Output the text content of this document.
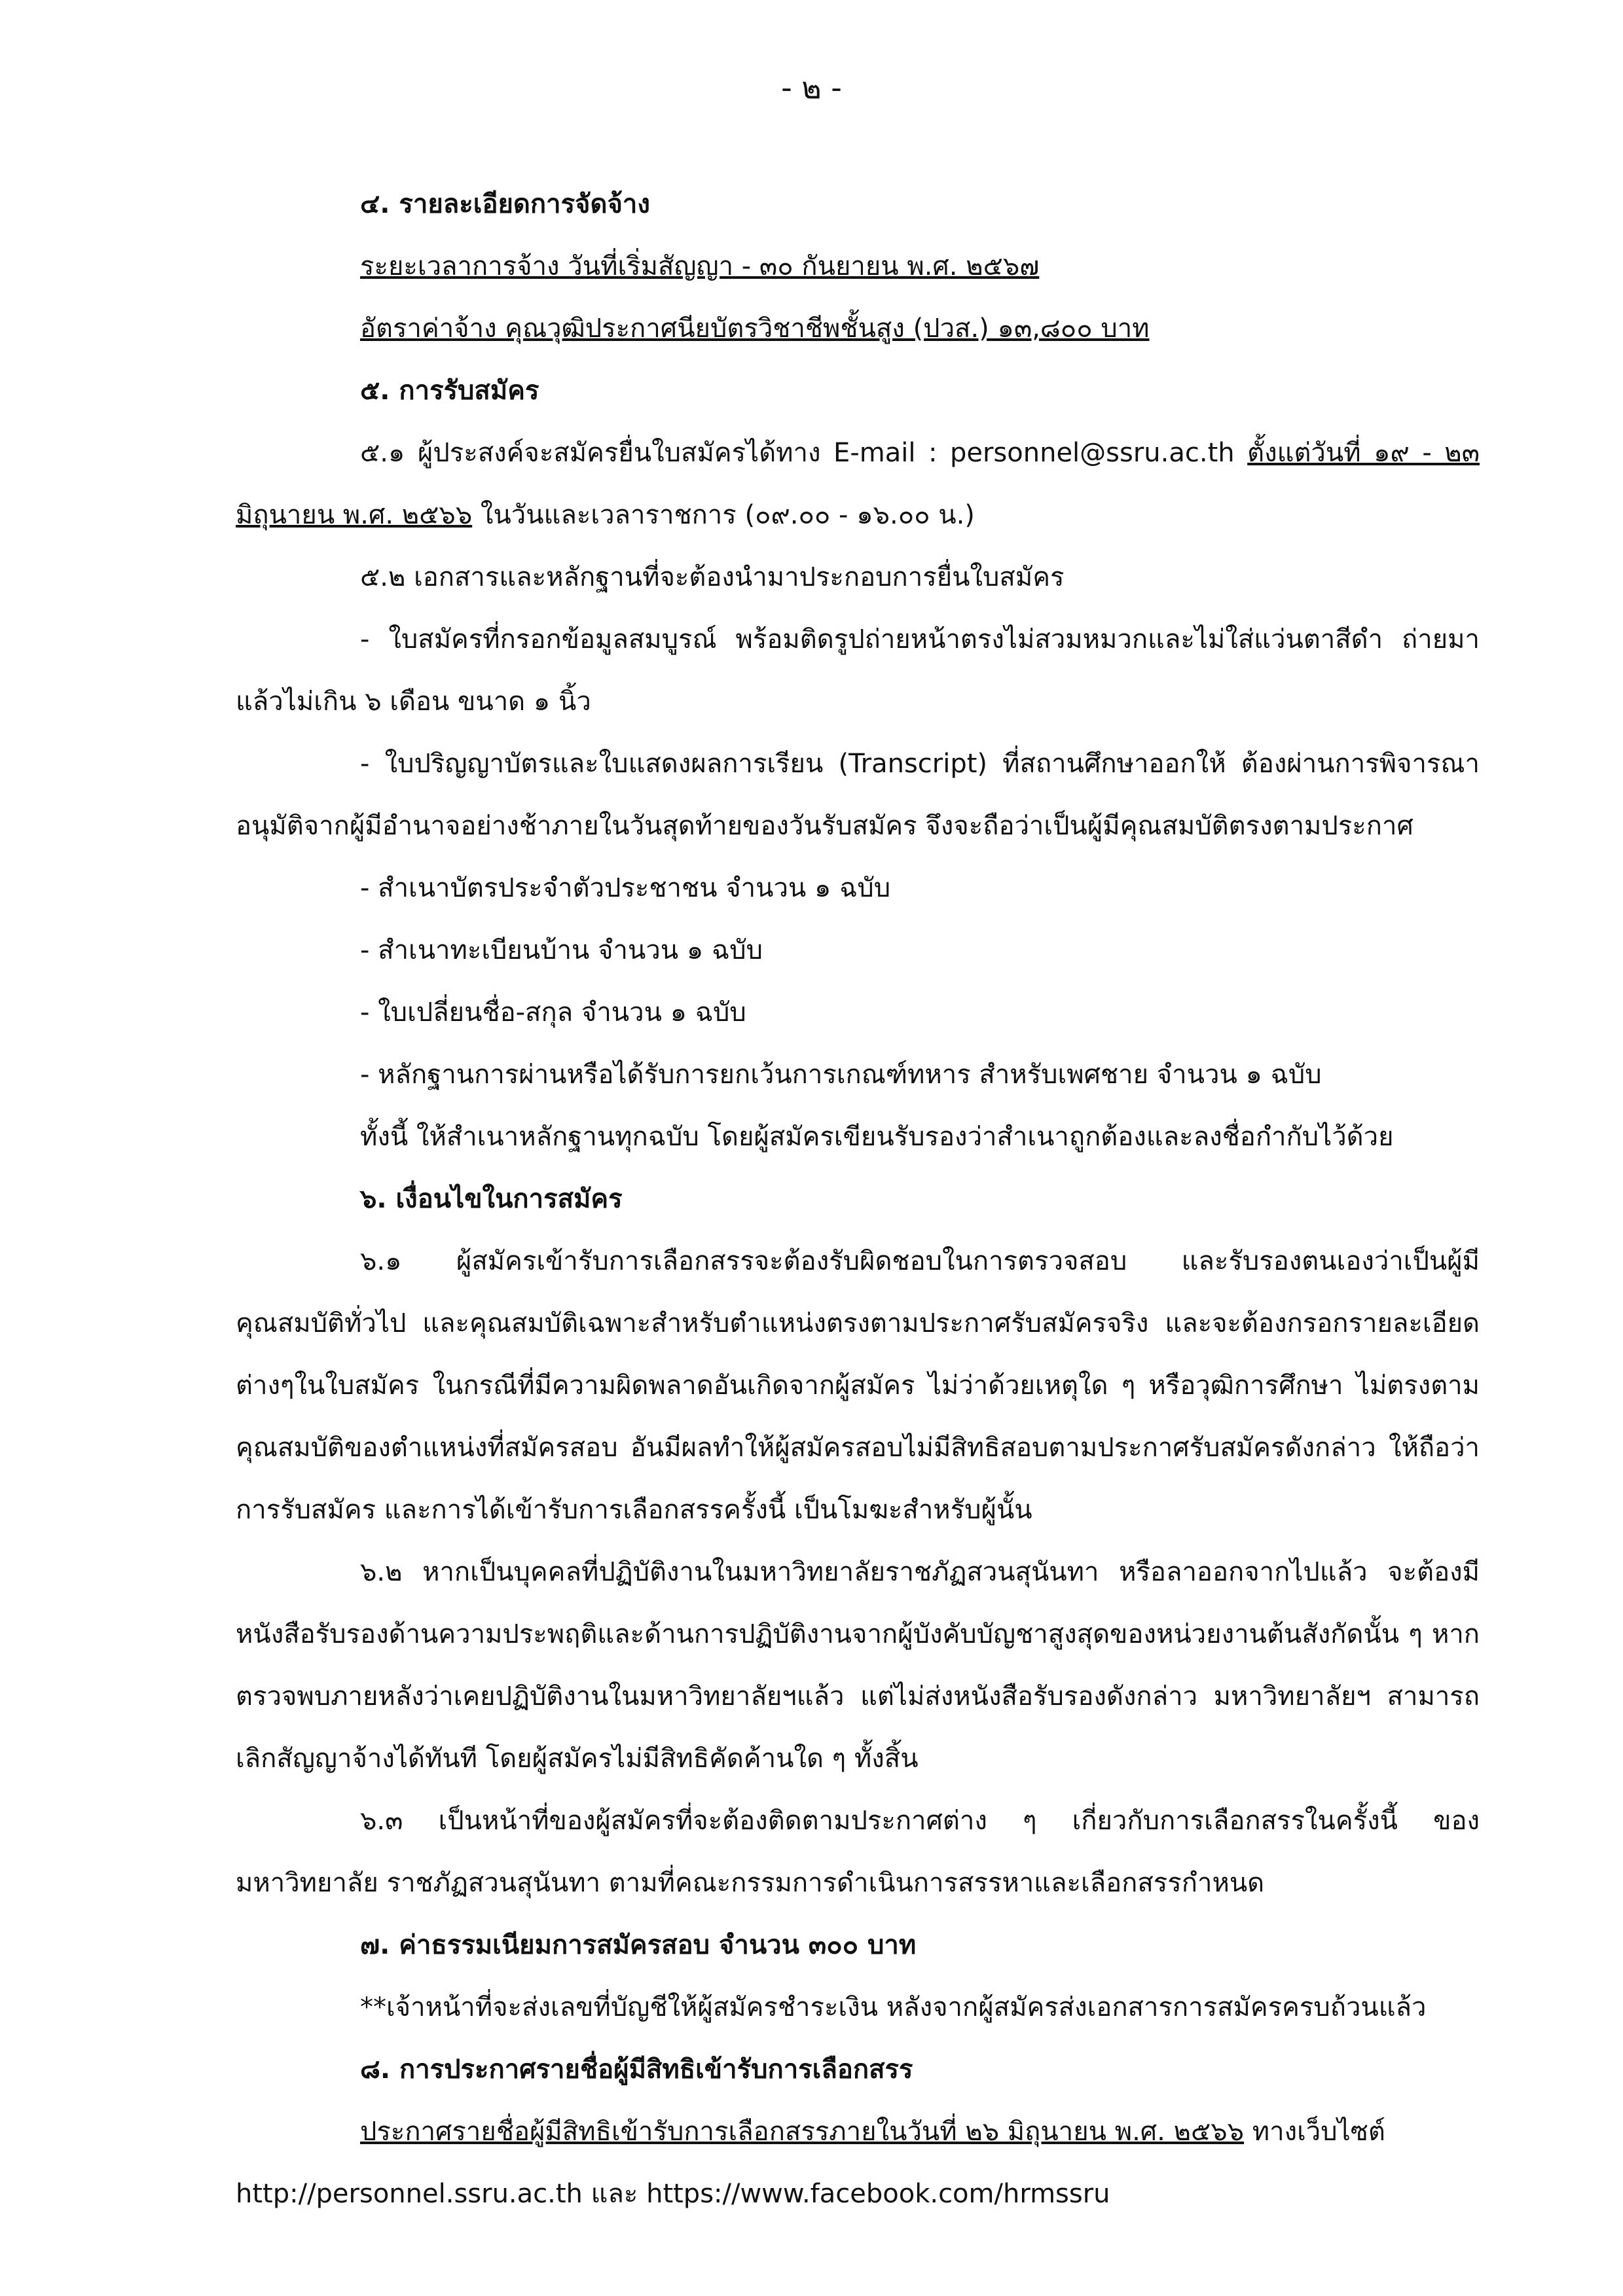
- ๒ -
๔. รายละเอียดการจัดจ้าง
ระยะเวลาการจ้าง วันที่เริ่มสัญญา - ๓๐ กันยายน พ.ศ. ๒๕๖๗
อัตราค่าจ้าง คุณวุฒิประกาศนียบัตรวิชาชีพชั้นสูง (ปวส.) ๑๓,๘๐๐ บาท
๕. การรับสมัคร
๕.๑ ผู้ประสงค์จะสมัครยื่นใบสมัครได้ทาง E-mail : personnel@ssru.ac.th ตั้งแต่วันที่ ๑๙ - ๒๓
มิถุนายน พ.ศ. ๒๕๖๖ ในวันและเวลาราชการ (๐๙.๐๐ - ๑๖.๐๐ น.)
๕.๒ เอกสารและหลักฐานที่จะต้องนำมาประกอบการยื่นใบสมัคร
- ใบสมัครที่กรอกข้อมูลสมบูรณ์ พร้อมติดรูปถ่ายหน้าตรงไม่สวมหมวกและไม่ใส่แว่นตาสีดำ ถ่ายมา
แล้วไม่เกิน ๖ เดือน ขนาด ๑ นิ้ว
- ใบปริญญาบัตรและใบแสดงผลการเรียน (Transcript) ที่สถานศึกษาออกให้ ต้องผ่านการพิจารณา
อนุมัติจากผู้มีอำนาจอย่างช้าภายในวันสุดท้ายของวันรับสมัคร จึงจะถือว่าเป็นผู้มีคุณสมบัติตรงตามประกาศ
- สำเนาบัตรประจำตัวประชาชน จำนวน ๑ ฉบับ
- สำเนาทะเบียนบ้าน จำนวน ๑ ฉบับ
- ใบเปลี่ยนชื่อ-สกุล จำนวน ๑ ฉบับ
- หลักฐานการผ่านหรือได้รับการยกเว้นการเกณฑ์ทหาร สำหรับเพศชาย จำนวน ๑ ฉบับ
ทั้งนี้ ให้สำเนาหลักฐานทุกฉบับ โดยผู้สมัครเขียนรับรองว่าสำเนาถูกต้องและลงชื่อกำกับไว้ด้วย
๖. เงื่อนไขในการสมัคร
๖.๑ ผู้สมัครเข้ารับการเลือกสรรจะต้องรับผิดชอบในการตรวจสอบ และรับรองตนเองว่าเป็นผู้มี
คุณสมบัติทั่วไป และคุณสมบัติเฉพาะสำหรับตำแหน่งตรงตามประกาศรับสมัครจริง และจะต้องกรอกรายละเอียด
ต่างๆในใบสมัคร ในกรณีที่มีความผิดพลาดอันเกิดจากผู้สมัคร ไม่ว่าด้วยเหตุใด ๆ หรือวุฒิการศึกษา ไม่ตรงตาม
คุณสมบัติของตำแหน่งที่สมัครสอบ อันมีผลทำให้ผู้สมัครสอบไม่มีสิทธิสอบตามประกาศรับสมัครดังกล่าว ให้ถือว่า
การรับสมัคร และการได้เข้ารับการเลือกสรรครั้งนี้ เป็นโมฆะสำหรับผู้นั้น
๖.๒ หากเป็นบุคคลที่ปฏิบัติงานในมหาวิทยาลัยราชภัฏสวนสุนันทา หรือลาออกจากไปแล้ว จะต้องมี
หนังสือรับรองด้านความประพฤติและด้านการปฏิบัติงานจากผู้บังคับบัญชาสูงสุดของหน่วยงานต้นสังกัดนั้น ๆ หาก
ตรวจพบภายหลังว่าเคยปฏิบัติงานในมหาวิทยาลัยฯแล้ว แต่ไม่ส่งหนังสือรับรองดังกล่าว มหาวิทยาลัยฯ สามารถ
เลิกสัญญาจ้างได้ทันที โดยผู้สมัครไม่มีสิทธิคัดค้านใด ๆ ทั้งสิ้น
๖.๓ เป็นหน้าที่ของผู้สมัครที่จะต้องติดตามประกาศต่าง ๆ เกี่ยวกับการเลือกสรรในครั้งนี้ ของ
มหาวิทยาลัย ราชภัฏสวนสุนันทา ตามที่คณะกรรมการดำเนินการสรรหาและเลือกสรรกำหนด
๗. ค่าธรรมเนียมการสมัครสอบ จำนวน ๓๐๐ บาท
**เจ้าหน้าที่จะส่งเลขที่บัญชีให้ผู้สมัครชำระเงิน หลังจากผู้สมัครส่งเอกสารการสมัครครบถ้วนแล้ว
๘. การประกาศรายชื่อผู้มีสิทธิเข้ารับการเลือกสรร
ประกาศรายชื่อผู้มีสิทธิเข้ารับการเลือกสรรภายในวันที่ ๒๖ มิถุนายน พ.ศ. ๒๕๖๖ ทางเว็บไซต์
http://personnel.ssru.ac.th และ https://www.facebook.com/hrmssru
